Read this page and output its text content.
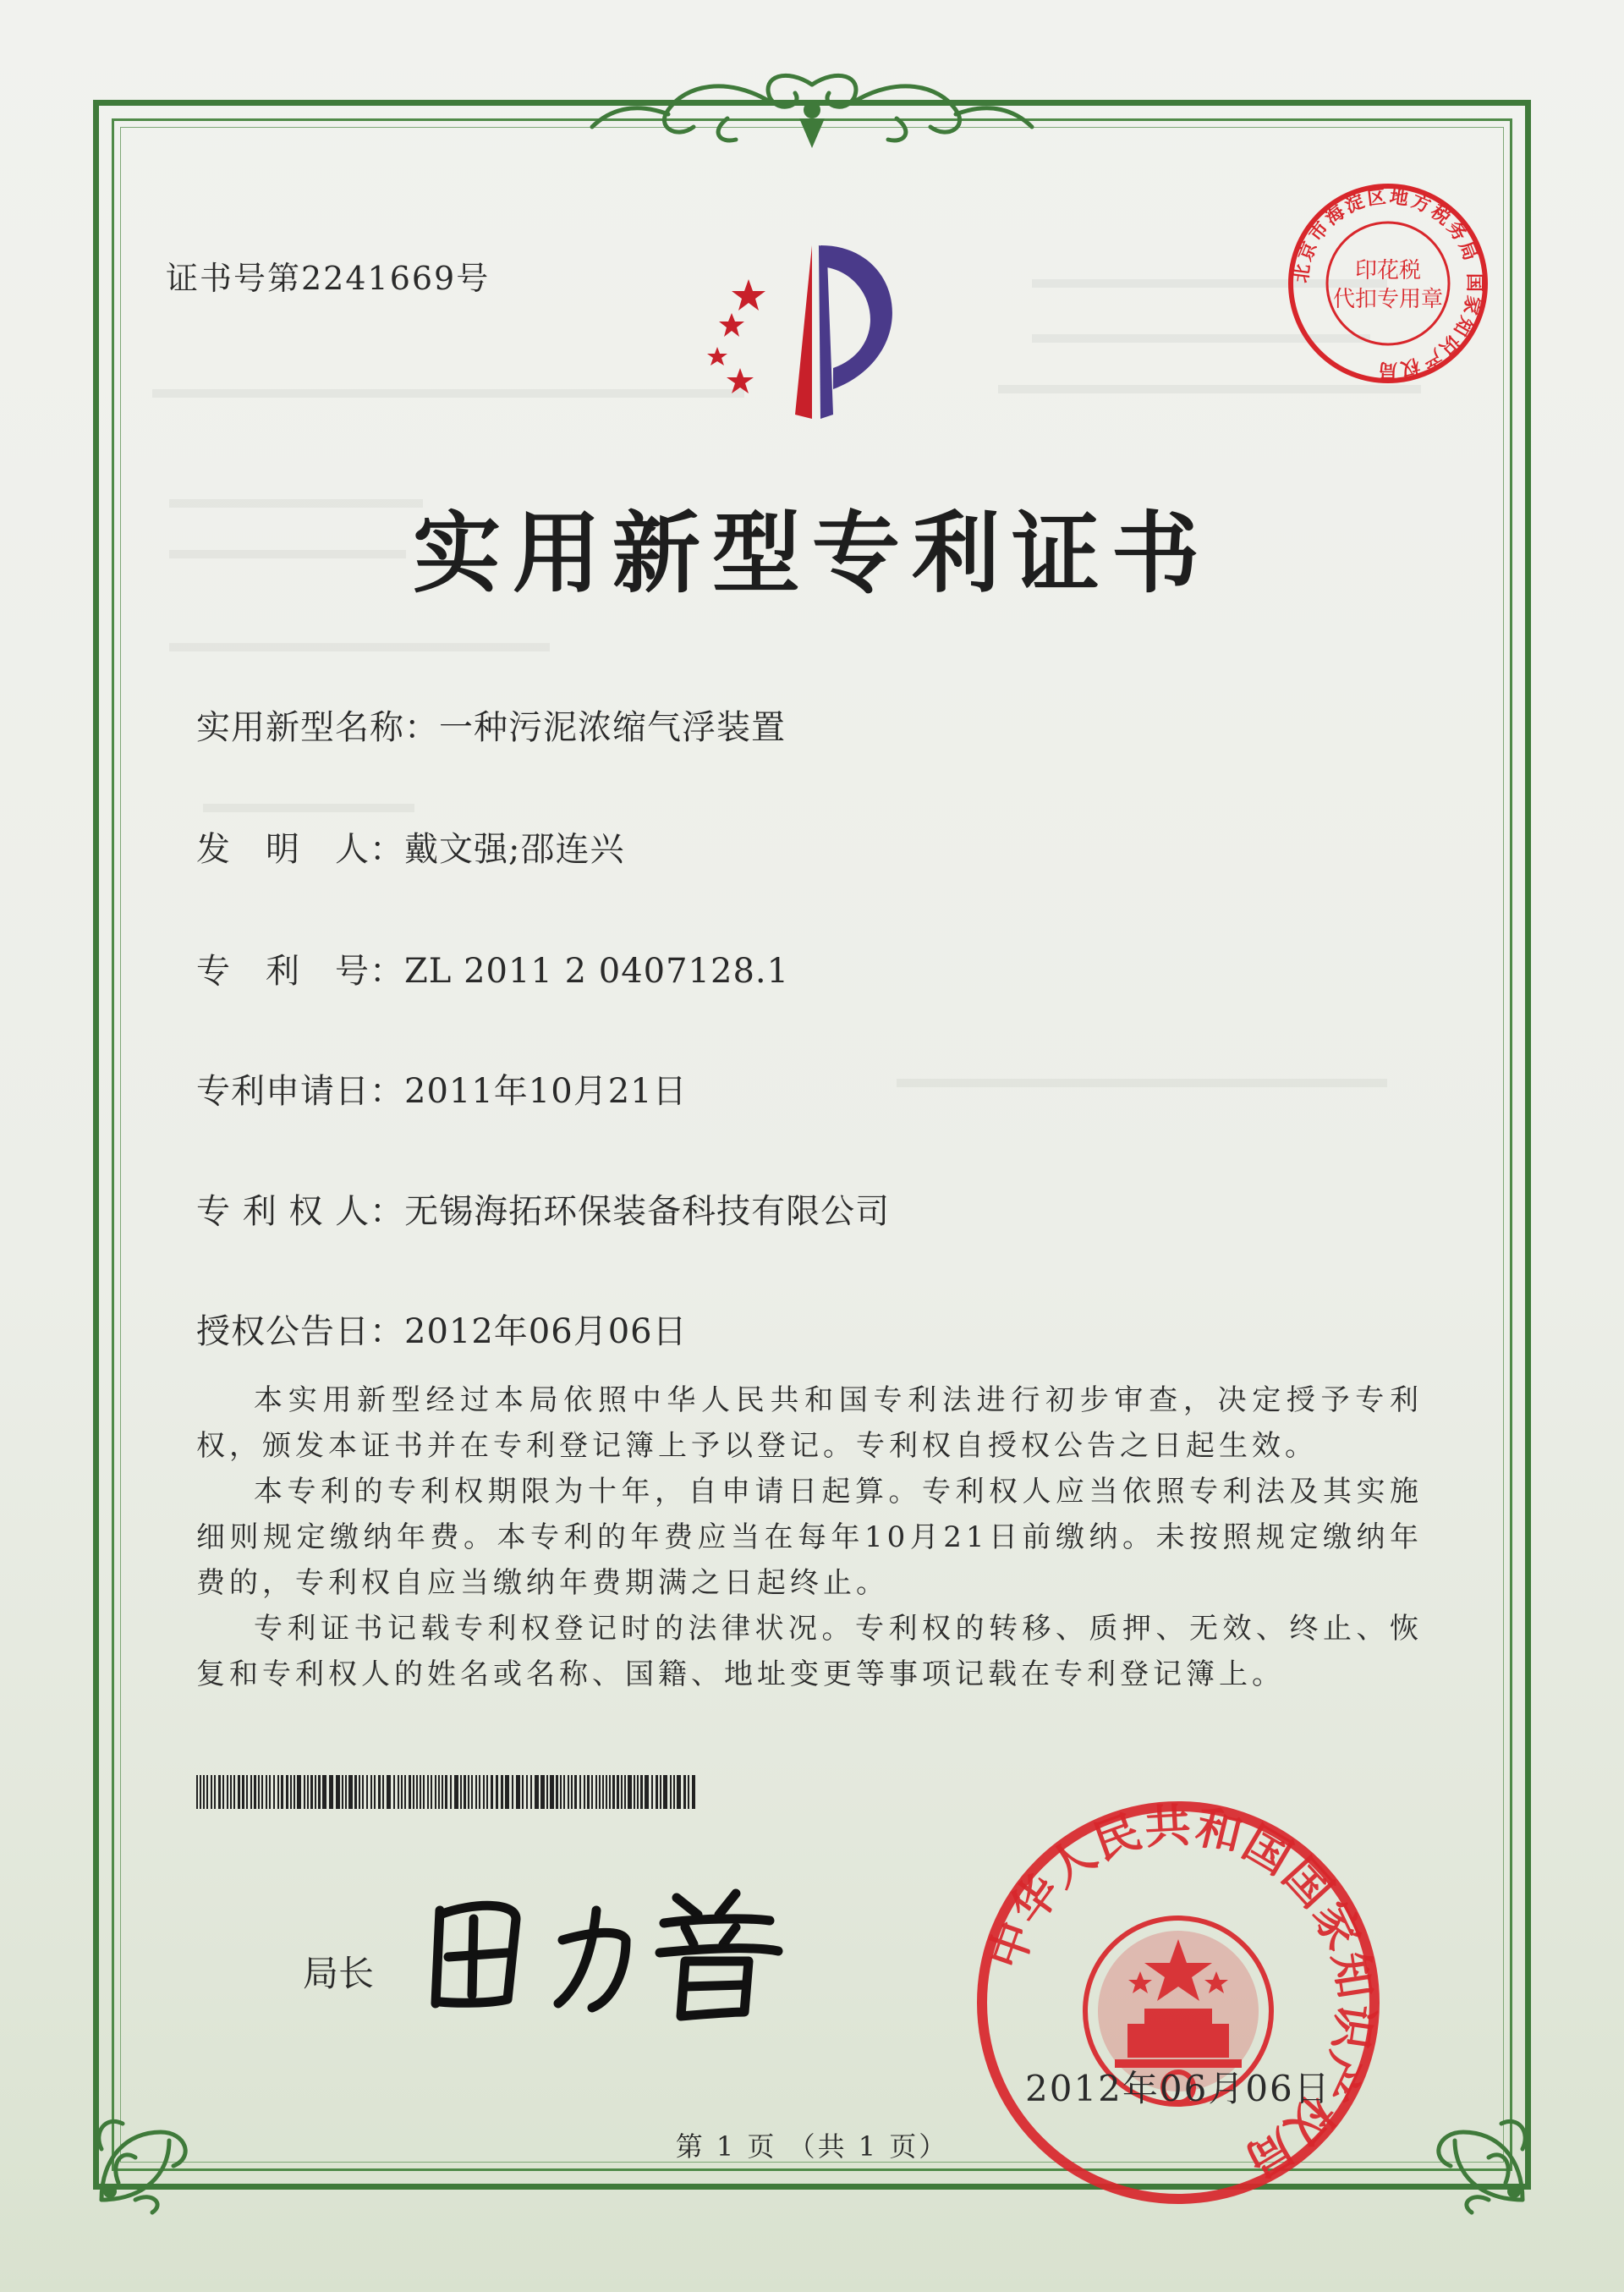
北京市海淀区地方税务局 国家知识产权局
印花税
代扣专用章
证书号第2241669号
实用新型专利证书
实用新型名称：一种污泥浓缩气浮装置
发　明　人：戴文强;邵连兴
专　利　号：ZL 2011 2 0407128.1
专利申请日：2011年10月21日
专 利 权 人：无锡海拓环保装备科技有限公司
授权公告日：2012年06月06日

本实用新型经过本局依照中华人民共和国专利法进行初步审查，决定授予专利权，颁发本证书并在专利登记簿上予以登记。专利权自授权公告之日起生效。

本专利的专利权期限为十年，自申请日起算。专利权人应当依照专利法及其实施细则规定缴纳年费。本专利的年费应当在每年10月21日前缴纳。未按照规定缴纳年费的，专利权自应当缴纳年费期满之日起终止。

专利证书记载专利权登记时的法律状况。专利权的转移、质押、无效、终止、恢复和专利权人的姓名或名称、国籍、地址变更等事项记载在专利登记簿上。

中华人民共和国国家知识产权局
局长
2012年06月06日
第 1 页 （共 1 页）
